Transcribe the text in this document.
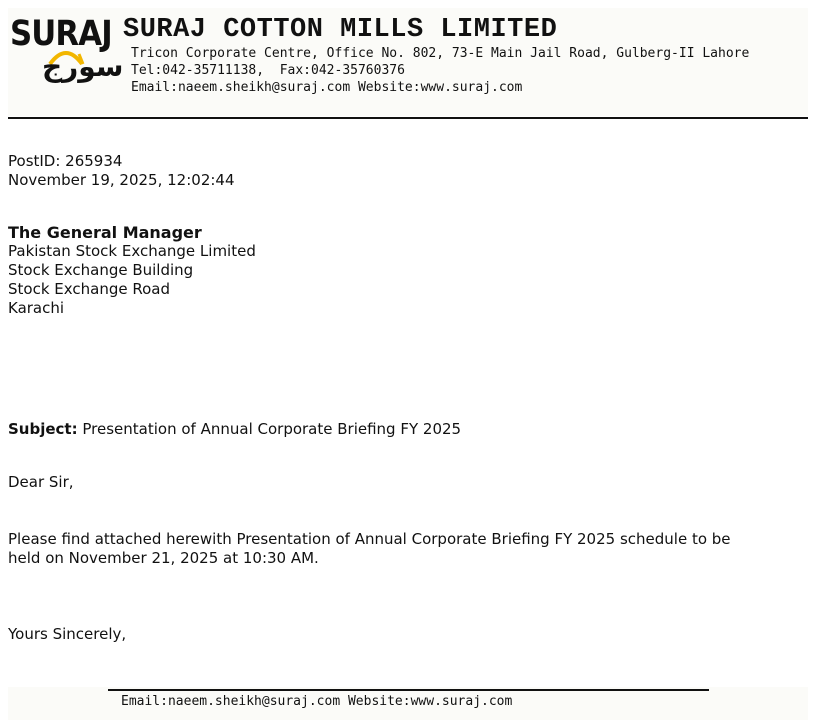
SURAJ
سورج
SURAJ COTTON MILLS LIMITED
Tricon Corporate Centre, Office No. 802, 73-E Main Jail Road, Gulberg-II Lahore
Tel:042-35711138,  Fax:042-35760376
Email:naeem.sheikh@suraj.com Website:www.suraj.com
PostID: 265934
November 19, 2025, 12:02:44
The General Manager
Pakistan Stock Exchange Limited
Stock Exchange Building
Stock Exchange Road
Karachi
Subject: Presentation of Annual Corporate Briefing FY 2025
Dear Sir,
Please find attached herewith Presentation of Annual Corporate Briefing FY 2025 schedule to be
held on November 21, 2025 at 10:30 AM.
Yours Sincerely,
Email:naeem.sheikh@suraj.com Website:www.suraj.com
